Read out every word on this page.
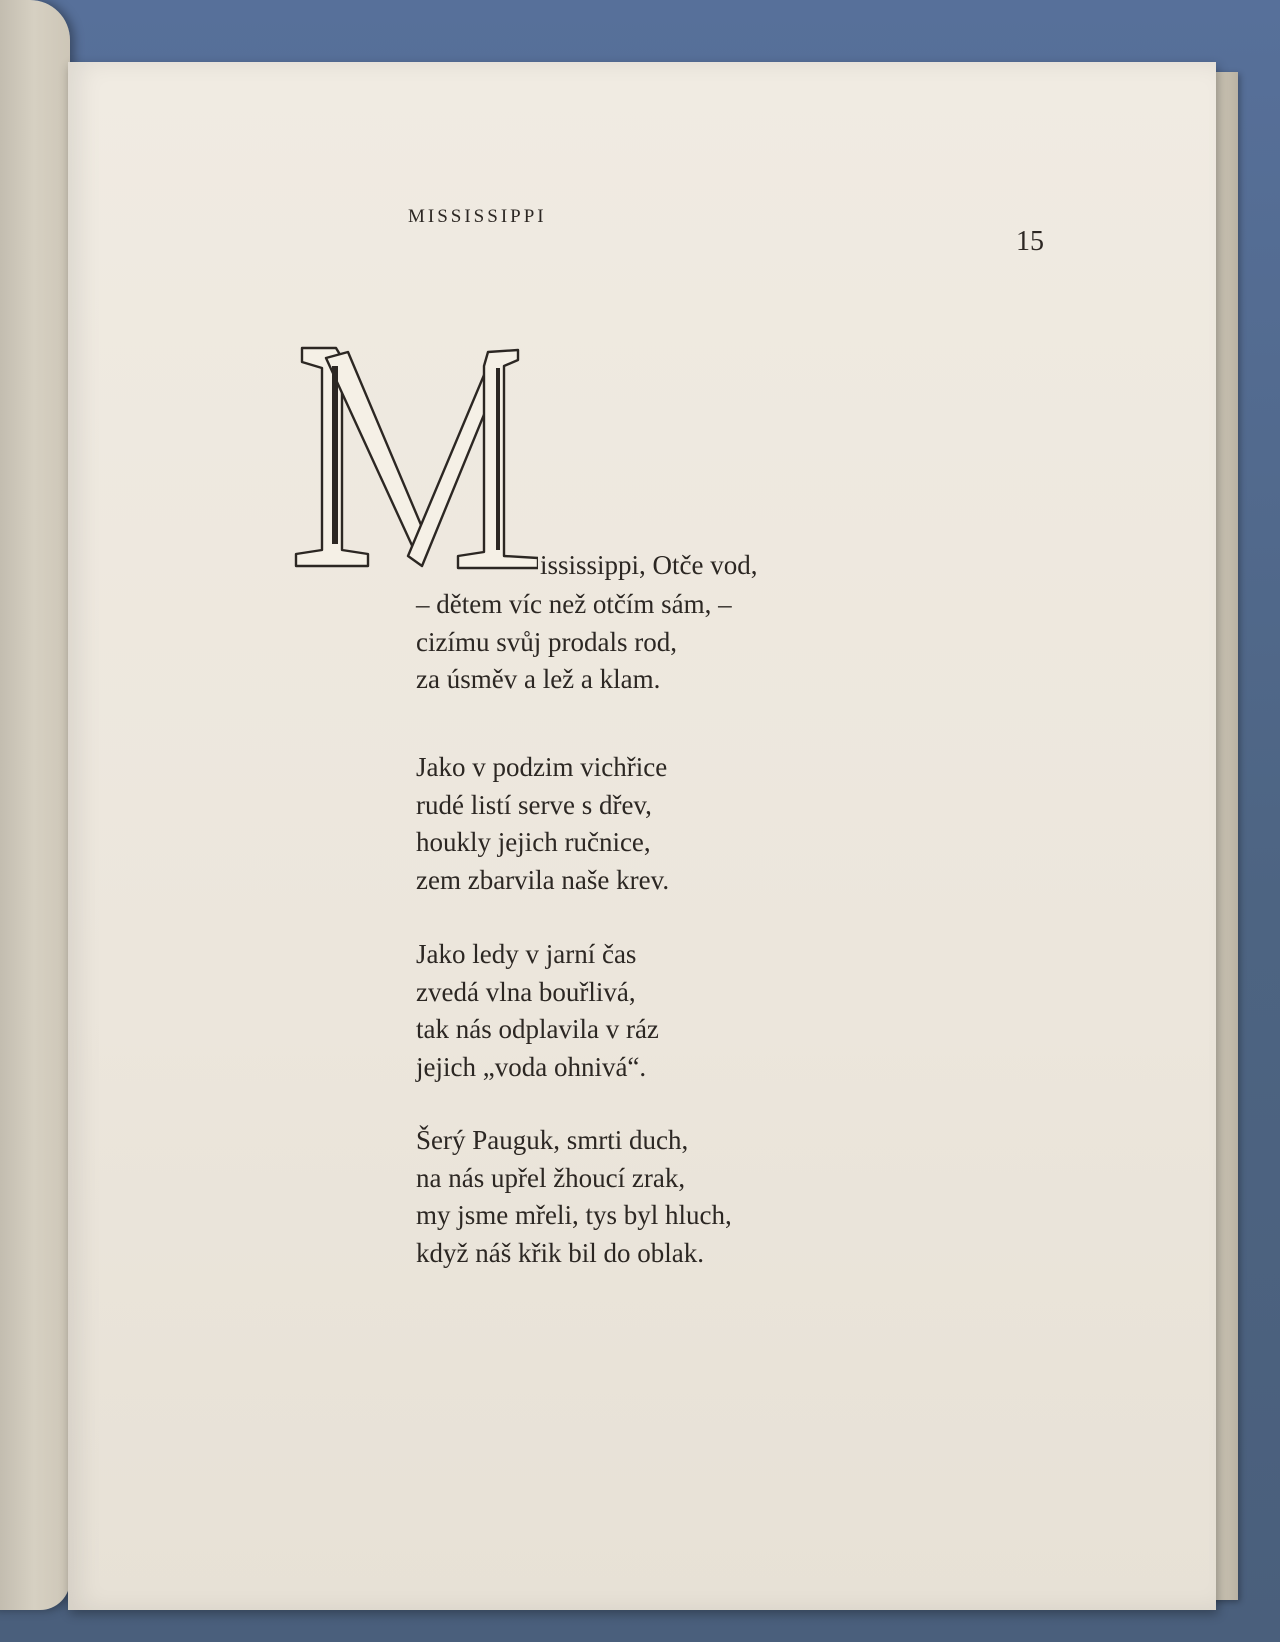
MISSISSIPPI
15
ississippi, Otče vod,
– dětem víc než otčím sám, –
cizímu svůj prodals rod,
za úsměv a lež a klam.
Jako v podzim vichřice
rudé listí serve s dřev,
houkly jejich ručnice,
zem zbarvila naše krev.
Jako ledy v jarní čas
zvedá vlna bouřlivá,
tak nás odplavila v ráz
jejich „voda ohnivá“.
Šerý Pauguk, smrti duch,
na nás upřel žhoucí zrak,
my jsme mřeli, tys byl hluch,
když náš křik bil do oblak.
